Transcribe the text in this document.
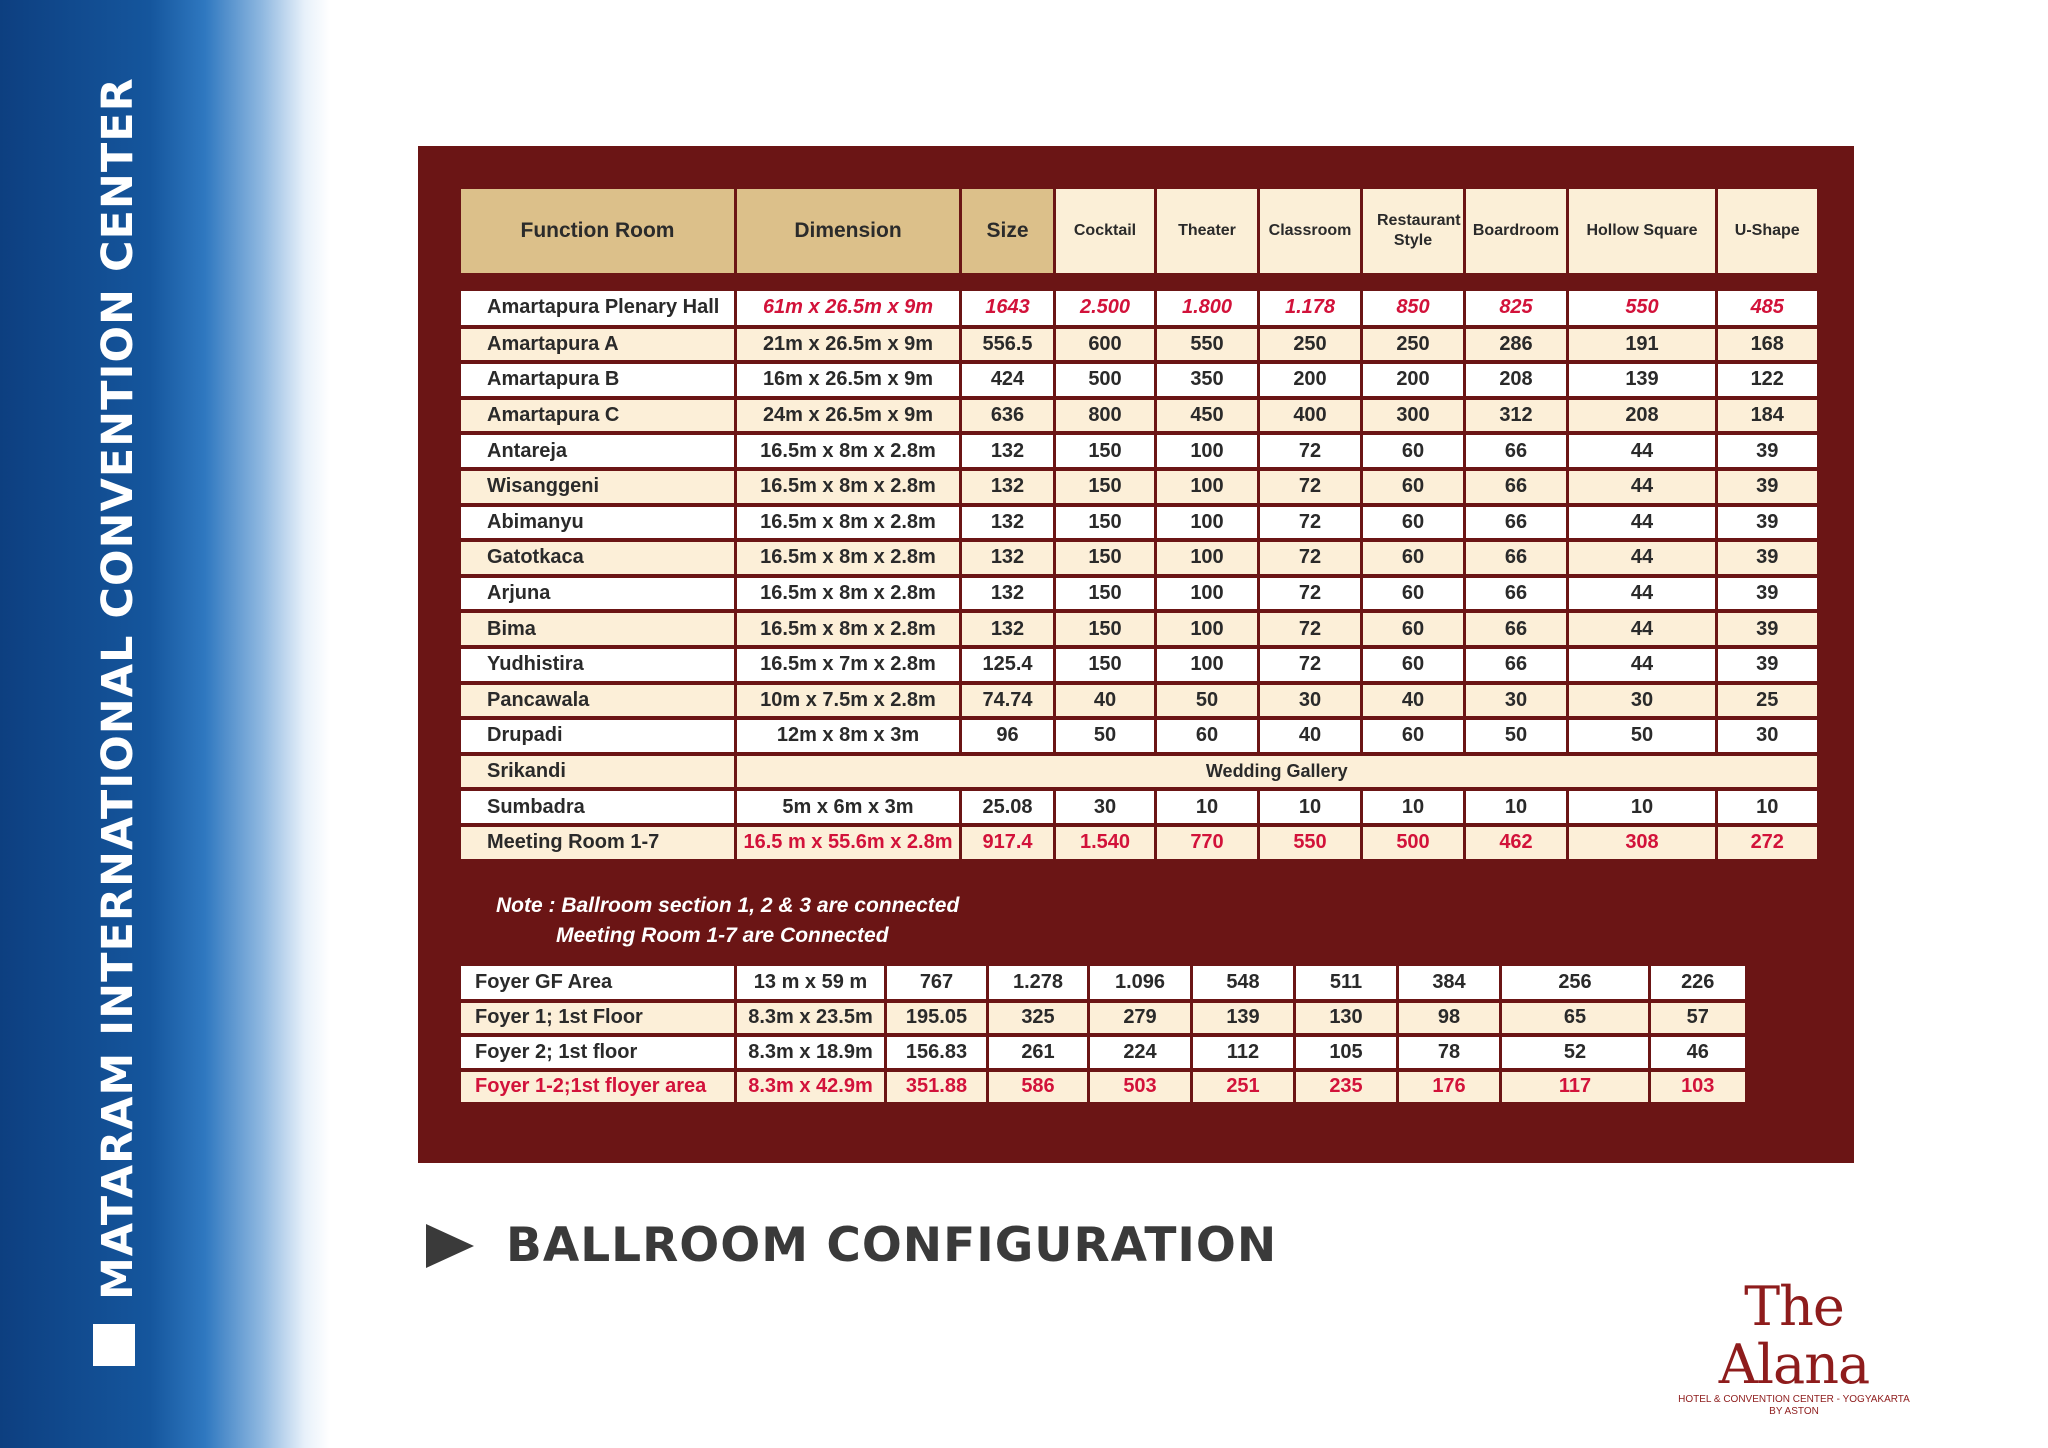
MATARAM INTERNATIONAL CONVENTION CENTER	Function Room	Dimension	Size	Cocktail	Theater	Classroom	Restaurant Style	Boardroom	Hollow Square	U-Shape
Amartapura Plenary Hall	61m x 26.5m x 9m	1643	2.500	1.800	1.178	850	825	550	485
Amartapura A	21m x 26.5m x 9m	556.5	600	550	250	250	286	191	168
Amartapura B	16m x 26.5m x 9m	424	500	350	200	200	208	139	122
Amartapura C	24m x 26.5m x 9m	636	800	450	400	300	312	208	184
Antareja	16.5m x 8m x 2.8m	132	150	100	72	60	66	44	39
Wisanggeni	16.5m x 8m x 2.8m	132	150	100	72	60	66	44	39
Abimanyu	16.5m x 8m x 2.8m	132	150	100	72	60	66	44	39
Gatotkaca	16.5m x 8m x 2.8m	132	150	100	72	60	66	44	39
Arjuna	16.5m x 8m x 2.8m	132	150	100	72	60	66	44	39
Bima	16.5m x 8m x 2.8m	132	150	100	72	60	66	44	39
Yudhistira	16.5m x 7m x 2.8m	125.4	150	100	72	60	66	44	39
Pancawala	10m x 7.5m x 2.8m	74.74	40	50	30	40	30	30	25
Drupadi	12m x 8m x 3m	96	50	60	40	60	50	50	30
Srikandi	Wedding Gallery								
Sumbadra	5m x 6m x 3m	25.08	30	10	10	10	10	10	10
Meeting Room 1-7	16.5 m x 55.6m x 2.8m	917.4	1.540	770	550	500	462	308	272
Note : Ballroom section 1, 2 & 3 are connected
Meeting Room 1-7 are Connected
Foyer GF Area	13 m x 59 m	767	1.278	1.096	548	511	384	256	226
Foyer 1; 1st Floor	8.3m x 23.5m	195.05	325	279	139	130	98	65	57
Foyer 2; 1st floor	8.3m x 18.9m	156.83	261	224	112	105	78	52	46
Foyer 1-2;1st floyer area	8.3m x 42.9m	351.88	586	503	251	235	176	117	103
BALLROOM CONFIGURATION
The Alana
HOTEL & CONVENTION CENTER - YOGYAKARTA
BY ASTON
